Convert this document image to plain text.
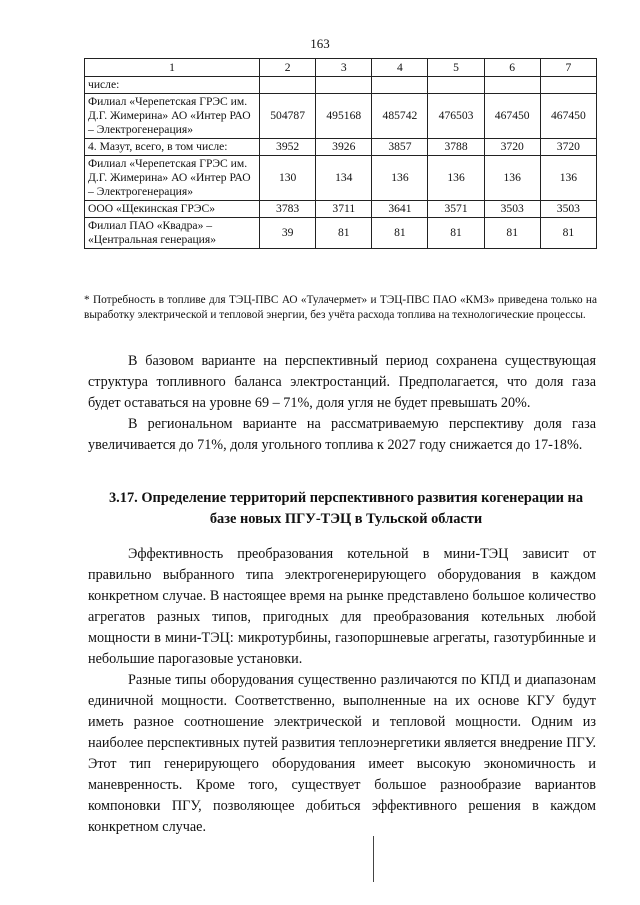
163
1	2	3	4	5	6	7
числе:						
Филиал «Черепетская ГРЭС им. Д.Г. Жимерина» АО «Интер РАО – Электрогенерация»	504787	495168	485742	476503	467450	467450
4. Мазут, всего, в том числе:	3952	3926	3857	3788	3720	3720
Филиал «Черепетская ГРЭС им. Д.Г. Жимерина» АО «Интер РАО – Электрогенерация»	130	134	136	136	136	136
ООО «Щекинская ГРЭС»	3783	3711	3641	3571	3503	3503
Филиал ПАО «Квадра» – «Центральная генерация»	39	81	81	81	81	81
* Потребность в топливе для ТЭЦ-ПВС АО «Тулачермет» и ТЭЦ-ПВС ПАО «КМЗ» приведена только на выработку электрической и тепловой энергии, без учёта расхода топлива на технологические процессы.
В базовом варианте на перспективный период сохранена существующая структура топливного баланса электростанций. Предполагается, что доля газа будет оставаться на уровне 69 – 71%, доля угля не будет превышать 20%.
В региональном варианте на рассматриваемую перспективу доля газа увеличивается до 71%, доля угольного топлива к 2027 году снижается до 17-18%.
3.17. Определение территорий перспективного развития когенерации на базе новых ПГУ-ТЭЦ в Тульской области
Эффективность преобразования котельной в мини-ТЭЦ зависит от правильно выбранного типа электрогенерирующего оборудования в каждом конкретном случае. В настоящее время на рынке представлено большое количество агрегатов разных типов, пригодных для преобразования котельных любой мощности в мини-ТЭЦ: микротурбины, газопоршневые агрегаты, газотурбинные и небольшие парогазовые установки.
Разные типы оборудования существенно различаются по КПД и диапазонам единичной мощности. Соответственно, выполненные на их основе КГУ будут иметь разное соотношение электрической и тепловой мощности. Одним из наиболее перспективных путей развития теплоэнергетики является внедрение ПГУ. Этот тип генерирующего оборудования имеет высокую экономичность и маневренность. Кроме того, существует большое разнообразие вариантов компоновки ПГУ, позволяющее добиться эффективного решения в каждом конкретном случае.
